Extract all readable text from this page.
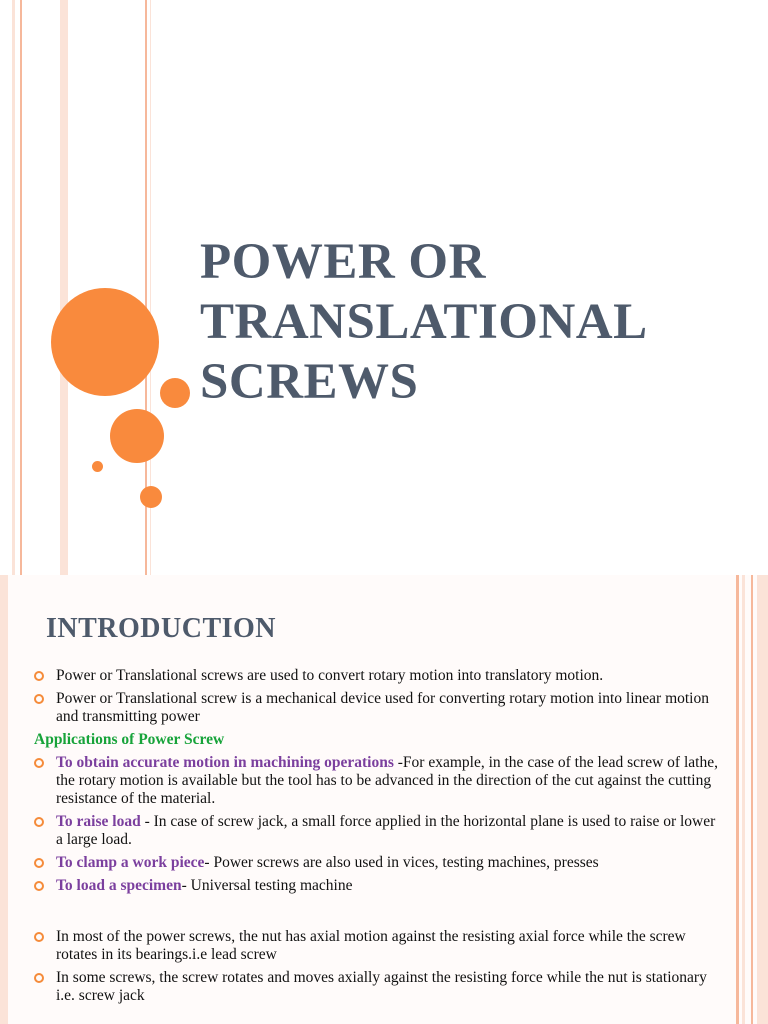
POWER OR
TRANSLATIONAL
SCREWS
INTRODUCTION
Power or Translational screws are used to convert rotary motion into translatory motion.
Power or Translational screw is a mechanical device used for converting rotary motion into linear motion and transmitting power
Applications of Power Screw
To obtain accurate motion in machining operations -For example, in the case of the lead screw of lathe, the rotary motion is available but the tool has to be advanced in the direction of the cut against the cutting resistance of the material.
To raise load - In case of screw jack, a small force applied in the horizontal plane is used to raise or lower a large load.
To clamp a work piece- Power screws are also used in vices, testing machines, presses
To load a specimen- Universal testing machine
In most of the power screws, the nut has axial motion against the resisting axial force while the screw rotates in its bearings.i.e lead screw
In some screws, the screw rotates and moves axially against the resisting force while the nut is stationary i.e. screw jack
